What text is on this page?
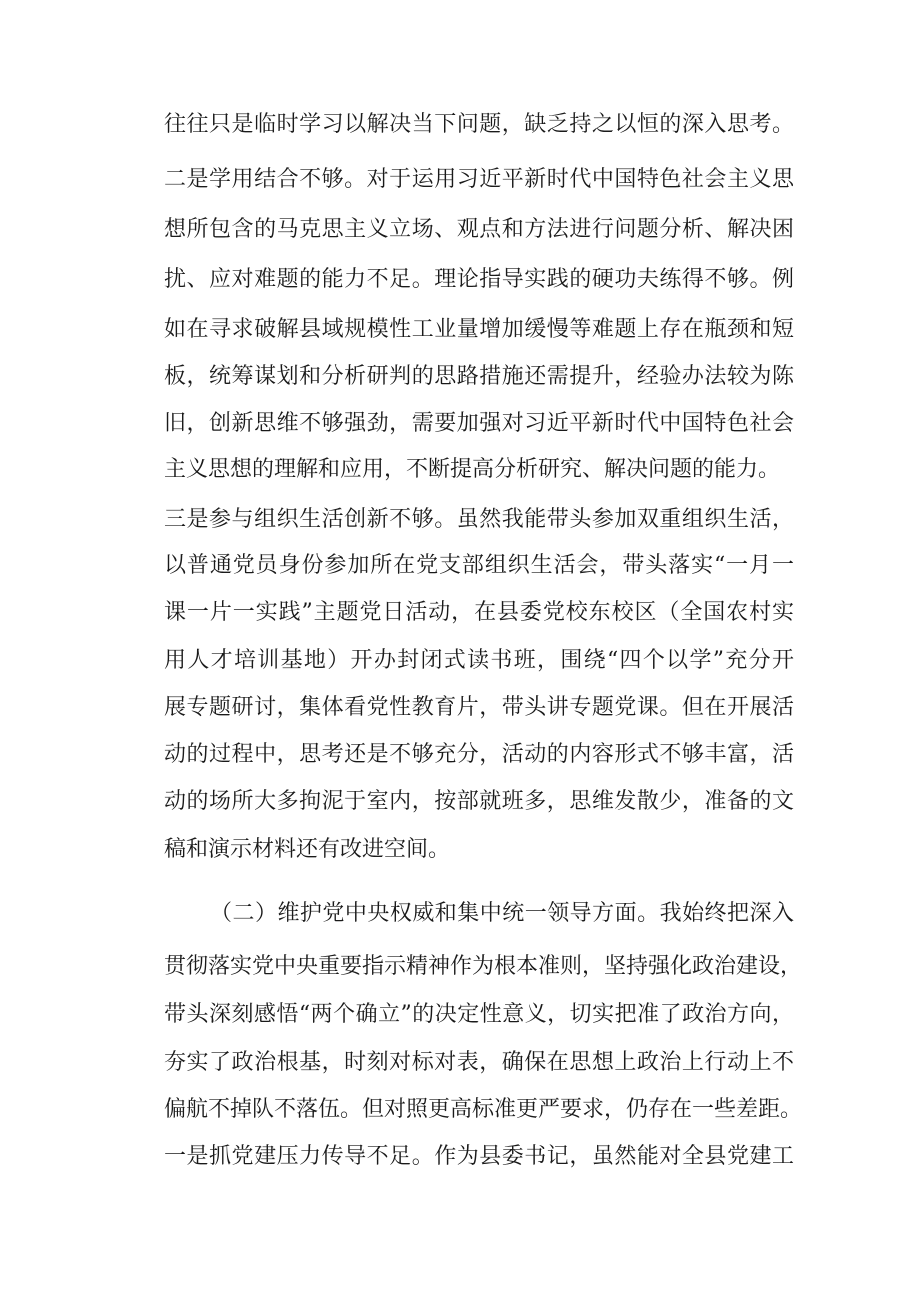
往往只是临时学习以解决当下问题，缺乏持之以恒的深入思考。
二是学用结合不够。对于运用习近平新时代中国特色社会主义思
想所包含的马克思主义立场、观点和方法进行问题分析、解决困
扰、应对难题的能力不足。理论指导实践的硬功夫练得不够。例
如在寻求破解县域规模性工业量增加缓慢等难题上存在瓶颈和短
板，统筹谋划和分析研判的思路措施还需提升，经验办法较为陈
旧，创新思维不够强劲，需要加强对习近平新时代中国特色社会
主义思想的理解和应用，不断提高分析研究、解决问题的能力。
三是参与组织生活创新不够。虽然我能带头参加双重组织生活，
以普通党员身份参加所在党支部组织生活会，带头落实“一月一
课一片一实践”主题党日活动，在县委党校东校区（全国农村实
用人才培训基地）开办封闭式读书班，围绕“四个以学”充分开
展专题研讨，集体看党性教育片，带头讲专题党课。但在开展活
动的过程中，思考还是不够充分，活动的内容形式不够丰富，活
动的场所大多拘泥于室内，按部就班多，思维发散少，准备的文
稿和演示材料还有改进空间。
（二）维护党中央权威和集中统一领导方面。我始终把深入
贯彻落实党中央重要指示精神作为根本准则，坚持强化政治建设，
带头深刻感悟“两个确立”的决定性意义，切实把准了政治方向，
夯实了政治根基，时刻对标对表，确保在思想上政治上行动上不
偏航不掉队不落伍。但对照更高标准更严要求，仍存在一些差距。
一是抓党建压力传导不足。作为县委书记，虽然能对全县党建工
